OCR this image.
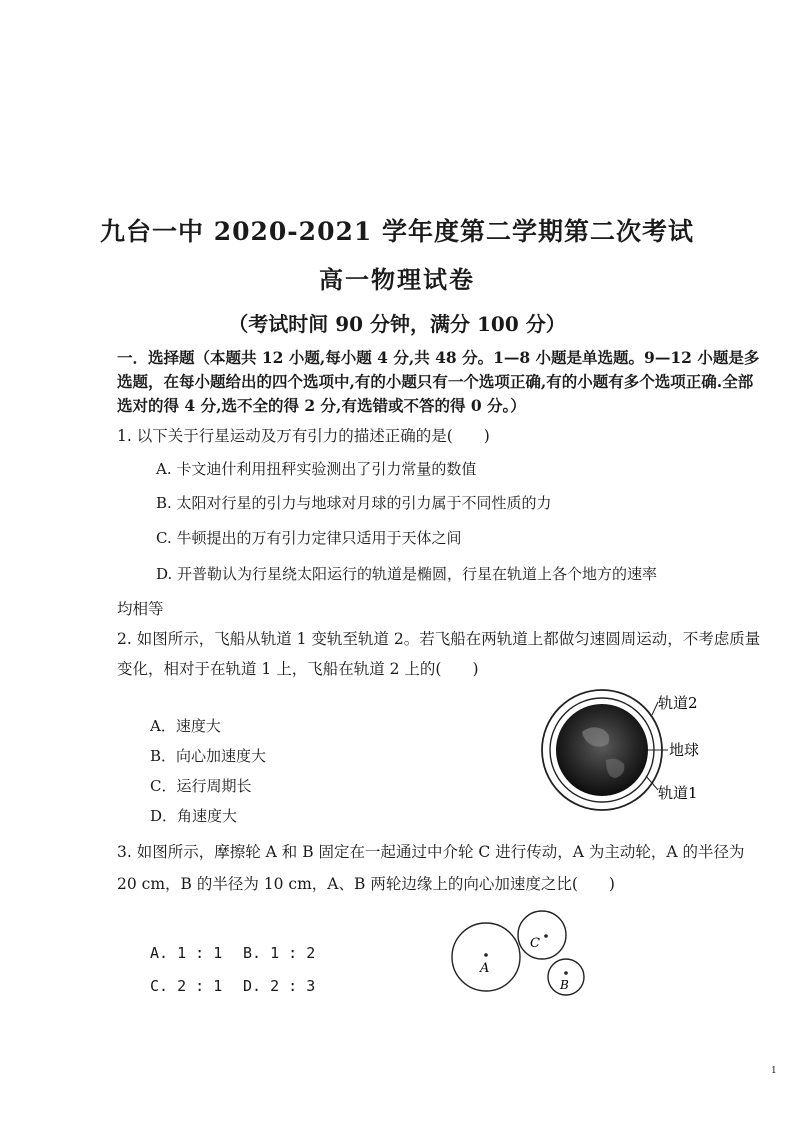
九台一中 2020-2021 学年度第二学期第二次考试
高一物理试卷
（考试时间 90 分钟，满分 100 分）
一．选择题（本题共 12 小题,每小题 4 分,共 48 分。1—8 小题是单选题。9—12 小题是多选题，在每小题给出的四个选项中,有的小题只有一个选项正确,有的小题有多个选项正确.全部选对的得 4 分,选不全的得 2 分,有选错或不答的得 0 分。）
1. 以下关于行星运动及万有引力的描述正确的是(　　)
A. 卡文迪什利用扭秤实验测出了引力常量的数值
B. 太阳对行星的引力与地球对月球的引力属于不同性质的力
C. 牛顿提出的万有引力定律只适用于天体之间
D. 开普勒认为行星绕太阳运行的轨道是椭圆，行星在轨道上各个地方的速率
均相等
2. 如图所示，飞船从轨道 1 变轨至轨道 2。若飞船在两轨道上都做匀速圆周运动，不考虑质量变化，相对于在轨道 1 上，飞船在轨道 2 上的(　　)
A．速度大
B．向心加速度大
C．运行周期长
D．角速度大
轨道2
地球
轨道1
3. 如图所示，摩擦轮 A 和 B 固定在一起通过中介轮 C 进行传动，A 为主动轮，A 的半径为 20 cm，B 的半径为 10 cm，A、B 两轮边缘上的向心加速度之比(　　)
A. 1 : 1 B. 1 : 2
C. 2 : 1 D. 2 : 3
A
C
B
1
